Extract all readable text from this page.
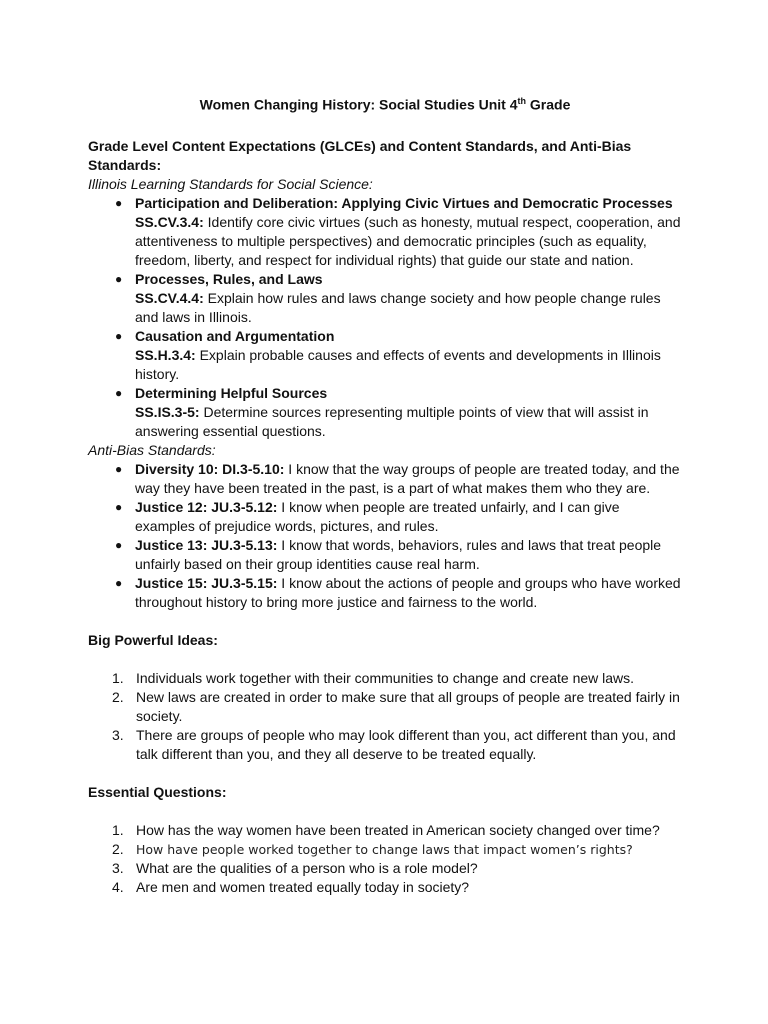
Women Changing History: Social Studies Unit 4th Grade

Grade Level Content Expectations (GLCEs) and Content Standards, and Anti-Bias Standards:

Illinois Learning Standards for Social Science:

● Participation and Deliberation: Applying Civic Virtues and Democratic Processes
SS.CV.3.4: Identify core civic virtues (such as honesty, mutual respect, cooperation, and attentiveness to multiple perspectives) and democratic principles (such as equality, freedom, liberty, and respect for individual rights) that guide our state and nation.
● Processes, Rules, and Laws
SS.CV.4.4: Explain how rules and laws change society and how people change rules and laws in Illinois.
● Causation and Argumentation
SS.H.3.4: Explain probable causes and effects of events and developments in Illinois history.
● Determining Helpful Sources
SS.IS.3-5: Determine sources representing multiple points of view that will assist in answering essential questions.

Anti-Bias Standards:

● Diversity 10: DI.3-5.10: I know that the way groups of people are treated today, and the way they have been treated in the past, is a part of what makes them who they are.
● Justice 12: JU.3-5.12: I know when people are treated unfairly, and I can give examples of prejudice words, pictures, and rules.
● Justice 13: JU.3-5.13: I know that words, behaviors, rules and laws that treat people unfairly based on their group identities cause real harm.
● Justice 15: JU.3-5.15: I know about the actions of people and groups who have worked throughout history to bring more justice and fairness to the world.

Big Powerful Ideas:

1. Individuals work together with their communities to change and create new laws.
2. New laws are created in order to make sure that all groups of people are treated fairly in society.
3. There are groups of people who may look different than you, act different than you, and talk different than you, and they all deserve to be treated equally.

Essential Questions:

1. How has the way women have been treated in American society changed over time?
2. How have people worked together to change laws that impact women’s rights?
3. What are the qualities of a person who is a role model?
4. Are men and women treated equally today in society?
